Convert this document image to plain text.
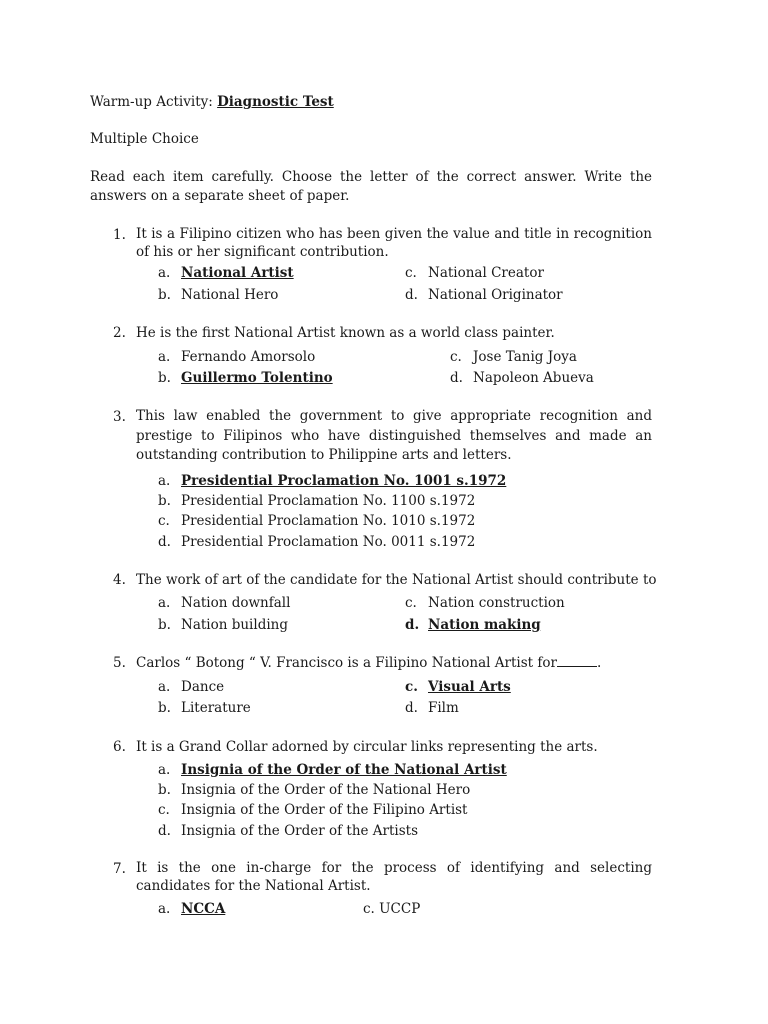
Warm-up Activity: Diagnostic Test
Multiple Choice
Read each item carefully. Choose the letter of the correct answer. Write the answers on a separate sheet of paper.
1. It is a Filipino citizen who has been given the value and title in recognition of his or her significant contribution.
a. National Artist
b. National Hero
c. National Creator
d. National Originator
2. He is the first National Artist known as a world class painter.
a. Fernando Amorsolo
b. Guillermo Tolentino
c. Jose Tanig Joya
d. Napoleon Abueva
3. This law enabled the government to give appropriate recognition and prestige to Filipinos who have distinguished themselves and made an outstanding contribution to Philippine arts and letters.
a. Presidential Proclamation No. 1001 s.1972
b. Presidential Proclamation No. 1100 s.1972
c. Presidential Proclamation No. 1010 s.1972
d. Presidential Proclamation No. 0011 s.1972
4. The work of art of the candidate for the National Artist should contribute to
a. Nation downfall
b. Nation building
c. Nation construction
d. Nation making
5. Carlos “ Botong “ V. Francisco is a Filipino National Artist for	.
a. Dance
b. Literature
c. Visual Arts
d. Film
6. It is a Grand Collar adorned by circular links representing the arts.
a. Insignia of the Order of the National Artist
b. Insignia of the Order of the National Hero
c. Insignia of the Order of the Filipino Artist
d. Insignia of the Order of the Artists
7. It is the one in-charge for the process of identifying and selecting candidates for the National Artist.
a. NCCA	c. UCCP
